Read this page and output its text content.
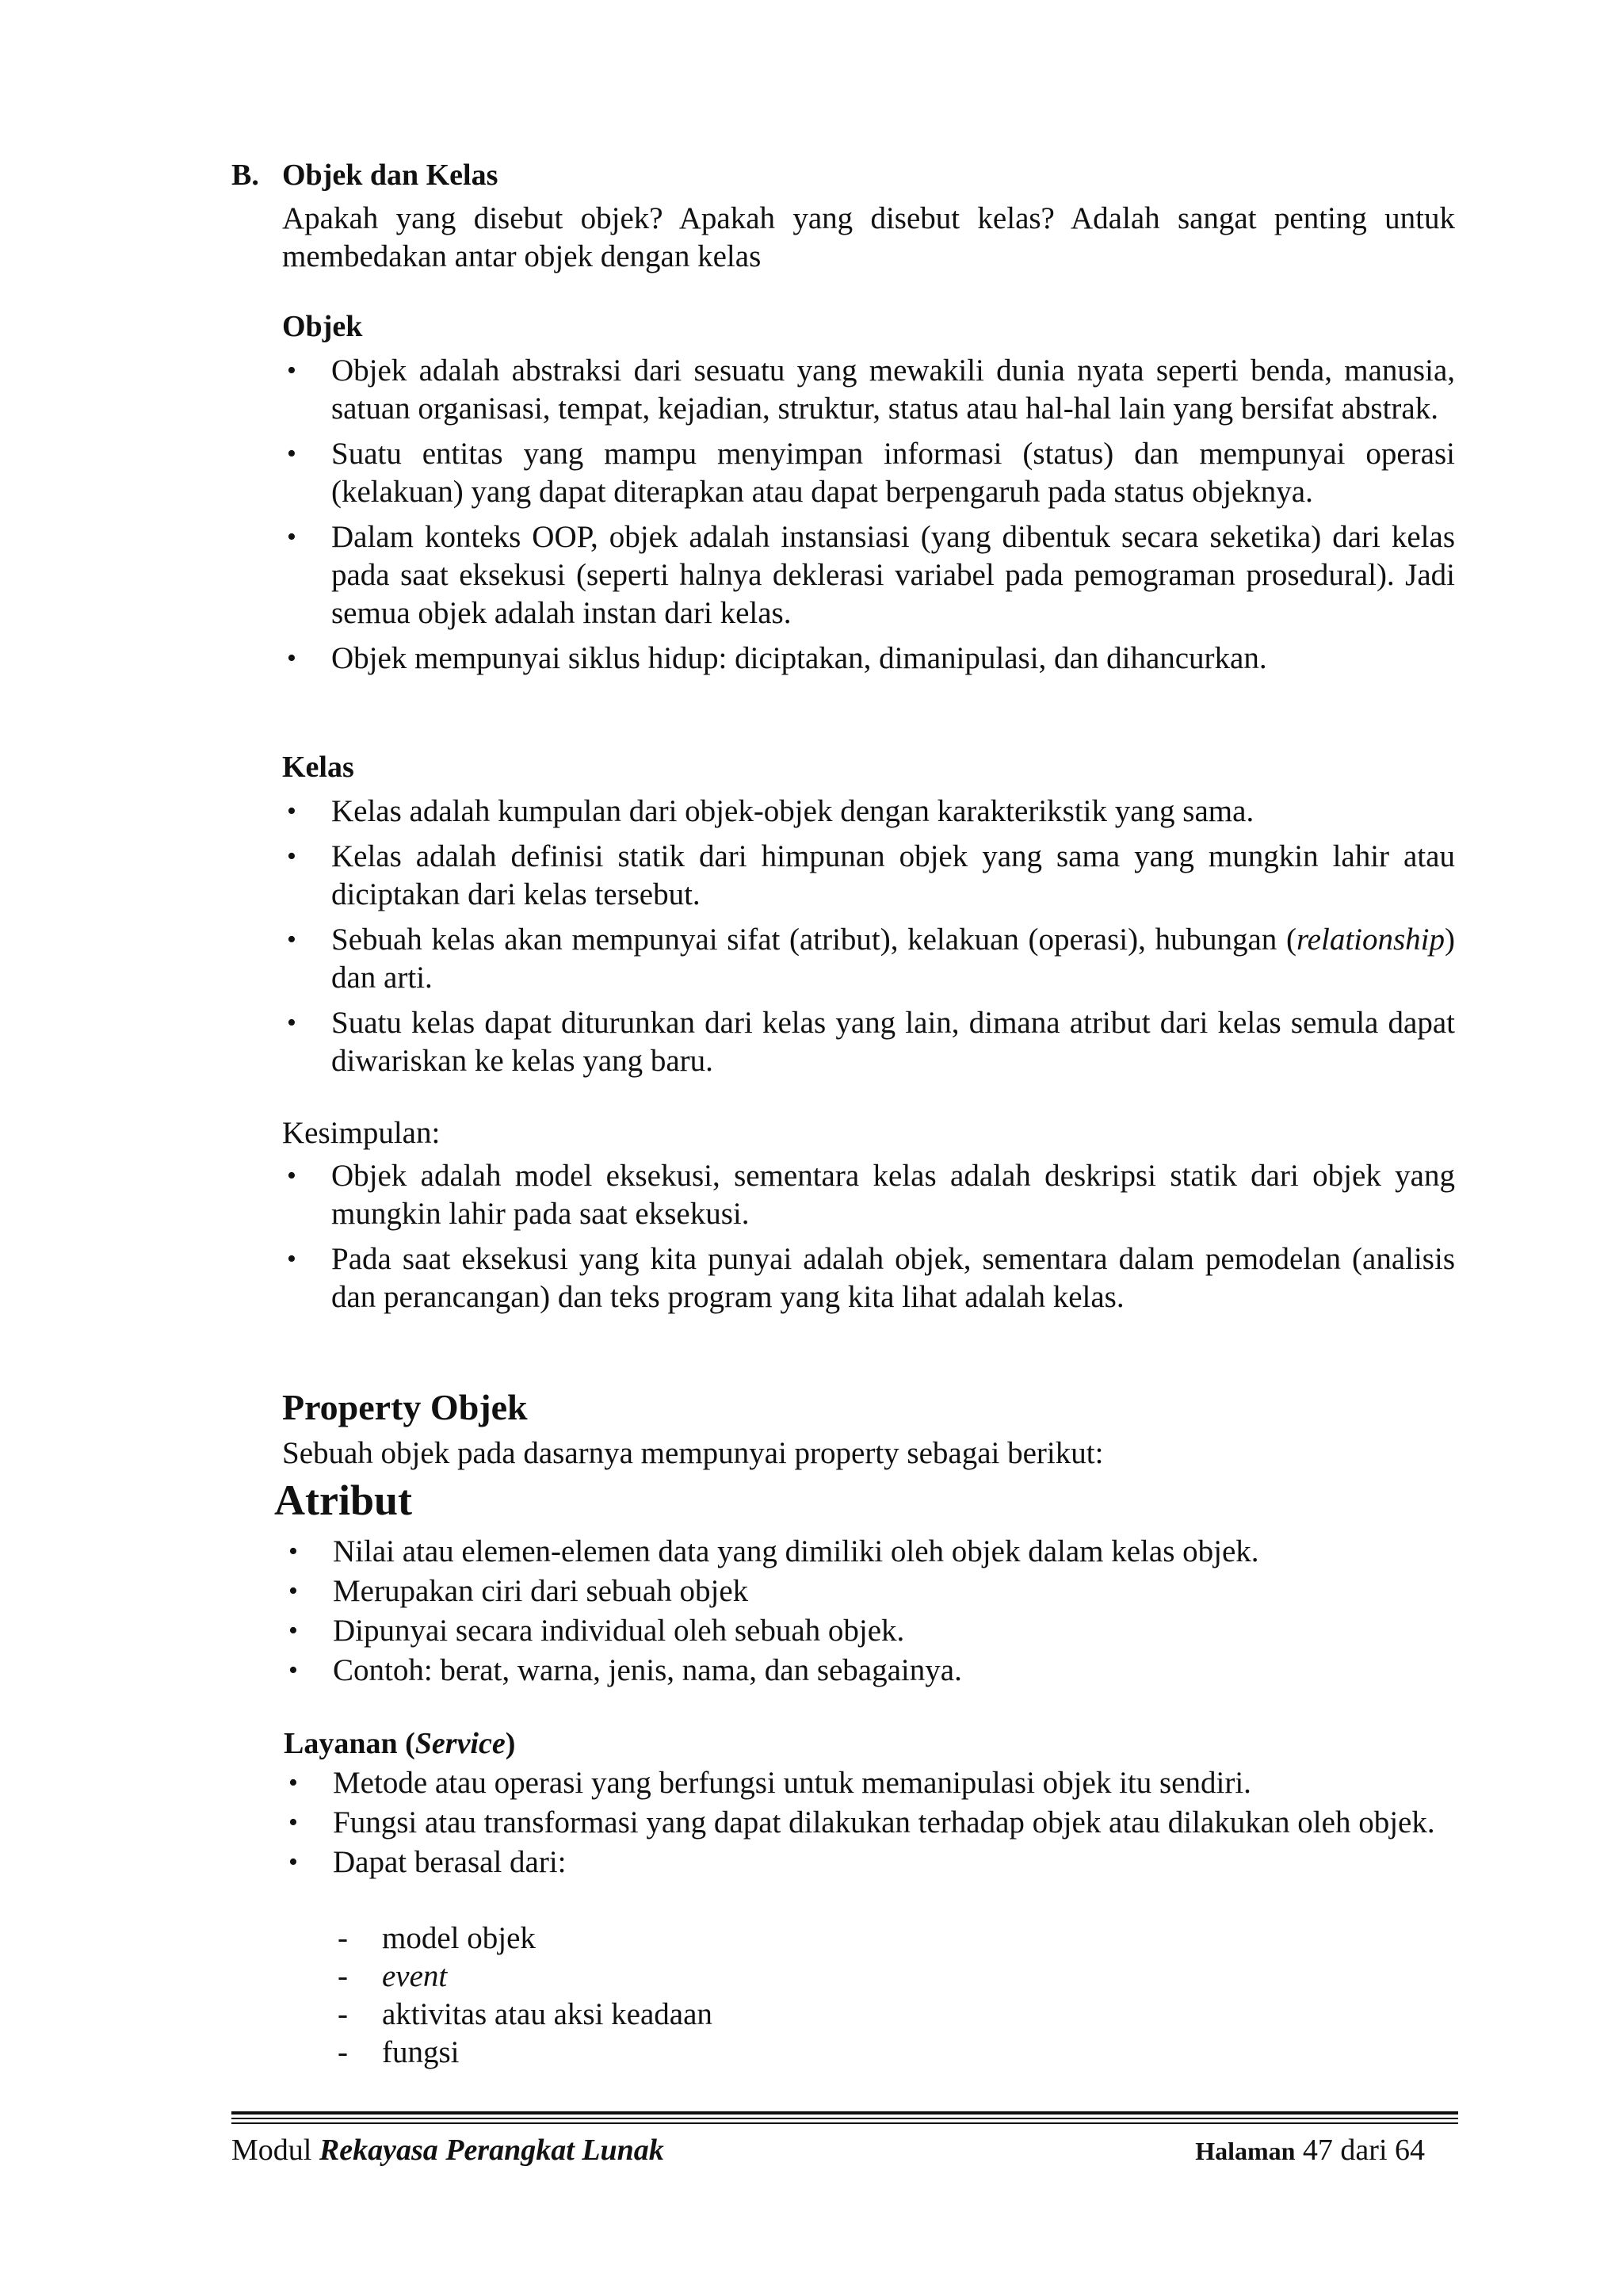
B. Objek dan Kelas
Apakah yang disebut objek? Apakah yang disebut kelas? Adalah sangat penting untuk membedakan antar objek dengan kelas
Objek
• Objek adalah abstraksi dari sesuatu yang mewakili dunia nyata seperti benda, manusia, satuan organisasi, tempat, kejadian, struktur, status atau hal-hal lain yang bersifat abstrak.
• Suatu entitas yang mampu menyimpan informasi (status) dan mempunyai operasi (kelakuan) yang dapat diterapkan atau dapat berpengaruh pada status objeknya.
• Dalam konteks OOP, objek adalah instansiasi (yang dibentuk secara seketika) dari kelas pada saat eksekusi (seperti halnya deklerasi variabel pada pemograman prosedural). Jadi semua objek adalah instan dari kelas.
• Objek mempunyai siklus hidup: diciptakan, dimanipulasi, dan dihancurkan.
Kelas
• Kelas adalah kumpulan dari objek-objek dengan karakterikstik yang sama.
• Kelas adalah definisi statik dari himpunan objek yang sama yang mungkin lahir atau diciptakan dari kelas tersebut.
• Sebuah kelas akan mempunyai sifat (atribut), kelakuan (operasi), hubungan (relationship) dan arti.
• Suatu kelas dapat diturunkan dari kelas yang lain, dimana atribut dari kelas semula dapat diwariskan ke kelas yang baru.
Kesimpulan:
• Objek adalah model eksekusi, sementara kelas adalah deskripsi statik dari objek yang mungkin lahir pada saat eksekusi.
• Pada saat eksekusi yang kita punyai adalah objek, sementara dalam pemodelan (analisis dan perancangan) dan teks program yang kita lihat adalah kelas.
Property Objek
Sebuah objek pada dasarnya mempunyai property sebagai berikut:
Atribut
• Nilai atau elemen-elemen data yang dimiliki oleh objek dalam kelas objek.
• Merupakan ciri dari sebuah objek
• Dipunyai secara individual oleh sebuah objek.
• Contoh: berat, warna, jenis, nama, dan sebagainya.
Layanan (Service)
• Metode atau operasi yang berfungsi untuk memanipulasi objek itu sendiri.
• Fungsi atau transformasi yang dapat dilakukan terhadap objek atau dilakukan oleh objek.
• Dapat berasal dari:
- model objek
- event
- aktivitas atau aksi keadaan
- fungsi
Modul Rekayasa Perangkat Lunak	Halaman 47 dari 64
